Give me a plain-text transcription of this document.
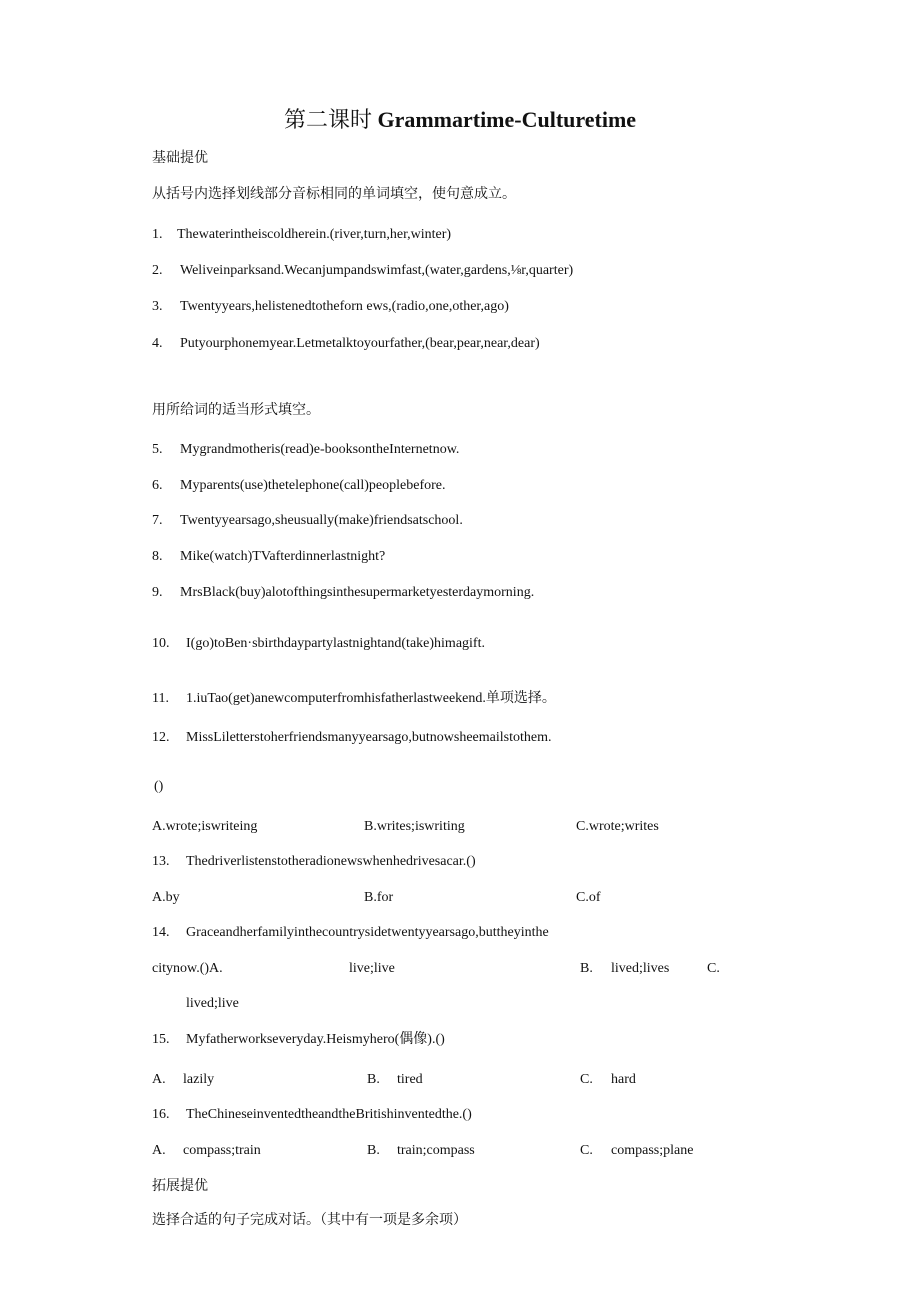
第二课时 Grammartime-Culturetime
基础提优
从括号内选择划线部分音标相同的单词填空，使句意成立。
1. Thewaterintheiscoldherein.(river,turn,her,winter)
2. Weliveinparksand.Wecanjumpandswimfast,(water,gardens,⅛r,quarter)
3. Twentyyears,helistenedtotheforn ews,(radio,one,other,ago)
4. Putyourphonemyear.Letmetalktoyourfather,(bear,pear,near,dear)
用所给词的适当形式填空。
5. Mygrandmotheris(read)e-booksontheInternetnow.
6. Myparents(use)thetelephone(call)peoplebefore.
7. Twentyyearsago,sheusually(make)friendsatschool.
8. Mike(watch)TVafterdinnerlastnight?
9. MrsBlack(buy)alotofthingsinthesupermarketyesterdaymorning.
10. I(go)toBen·sbirthdaypartylastnightand(take)himagift.
11. 1.iuTao(get)anewcomputerfromhisfatherlastweekend.单项选择。
12. MissLiletterstoherfriendsmanyyearsago,butnowsheemailstothem.
()
A.wrote;iswriteing	B.writes;iswriting	C.wrote;writes
13. Thedriverlistenstotheradionewswhenhedrivesacar.()
A.by	B.for	C.of
14. Graceandherfamilyinthecountrysidetwentyyearsago,buttheyinthe
citynow.()A.	live;live	B. lived;lives	C.
lived;live
15. Myfatherworkseveryday.Heismyhero(偶像).()
A. lazily	B. tired	C. hard
16. TheChineseinventedtheandtheBritishinventedthe.()
A. compass;train	B. train;compass	C. compass;plane
拓展提优
选择合适的句子完成对话。（其中有一项是多余项）
